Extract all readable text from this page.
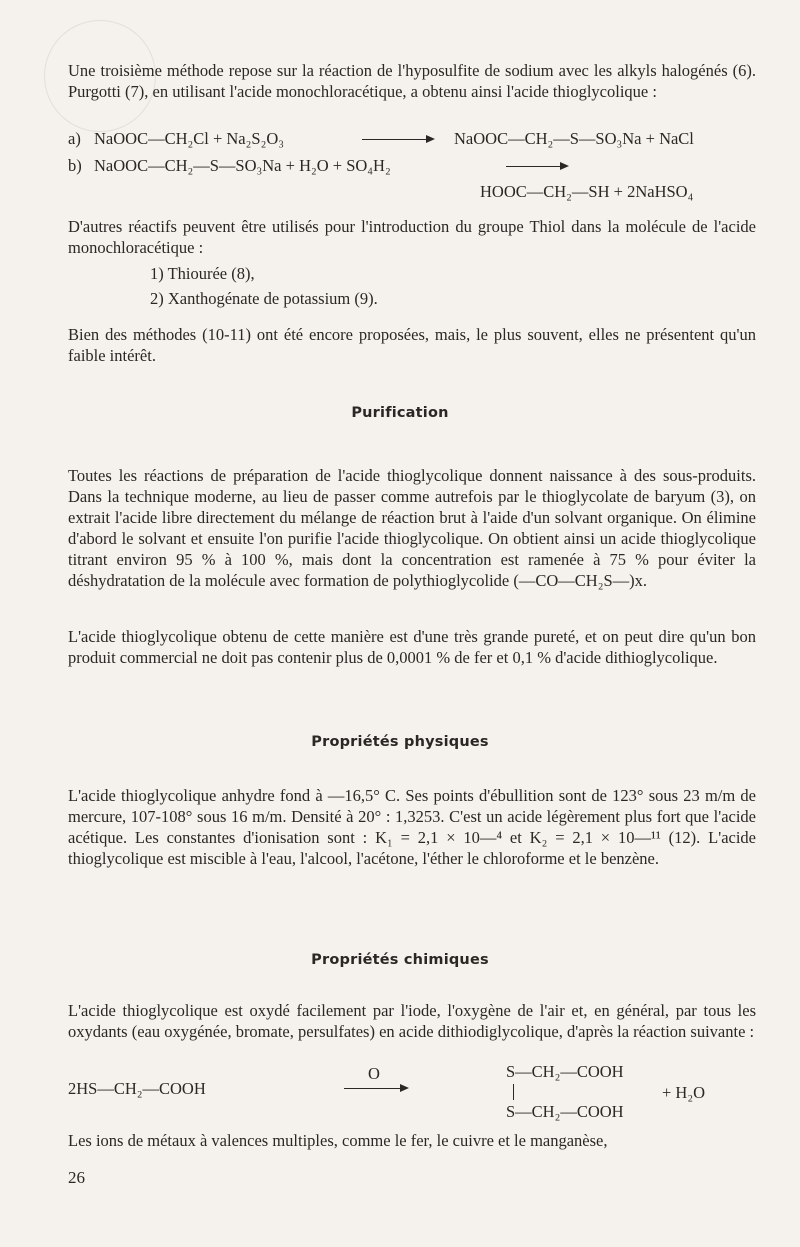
Une troisième méthode repose sur la réaction de l'hyposulfite de sodium avec les alkyls halogénés (6). Purgotti (7), en utilisant l'acide monochloracétique, a obtenu ainsi l'acide thioglycolique :

a) NaOOC—CH₂Cl + Na₂S₂O₃	NaOOC—CH₂—S—SO₃Na + NaCl
b) NaOOC—CH₂—S—SO₃Na + H₂O + SO₄H₂
HOOC—CH₂—SH + 2NaHSO₄

D'autres réactifs peuvent être utilisés pour l'introduction du groupe Thiol dans la molécule de l'acide monochloracétique :

1) Thiourée (8),
2) Xanthogénate de potassium (9).

Bien des méthodes (10-11) ont été encore proposées, mais, le plus souvent, elles ne présentent qu'un faible intérêt.

Purification

Toutes les réactions de préparation de l'acide thioglycolique donnent naissance à des sous-produits. Dans la technique moderne, au lieu de passer comme autrefois par le thioglycolate de baryum (3), on extrait l'acide libre directement du mélange de réaction brut à l'aide d'un solvant organique. On élimine d'abord le solvant et ensuite l'on purifie l'acide thioglycolique. On obtient ainsi un acide thioglycolique titrant environ 95 % à 100 %, mais dont la concentration est ramenée à 75 % pour éviter la déshydratation de la molécule avec formation de polythioglycolide (—CO—CH₂S—)x.

L'acide thioglycolique obtenu de cette manière est d'une très grande pureté, et on peut dire qu'un bon produit commercial ne doit pas contenir plus de 0,0001 % de fer et 0,1 % d'acide dithioglycolique.

Propriétés physiques

L'acide thioglycolique anhydre fond à —16,5° C. Ses points d'ébullition sont de 123° sous 23 m/m de mercure, 107-108° sous 16 m/m. Densité à 20° : 1,3253. C'est un acide légèrement plus fort que l'acide acétique. Les constantes d'ionisation sont : K₁ = 2,1 × 10—⁴ et K₂ = 2,1 × 10—¹¹ (12). L'acide thioglycolique est miscible à l'eau, l'alcool, l'acétone, l'éther le chloroforme et le benzène.

Propriétés chimiques

L'acide thioglycolique est oxydé facilement par l'iode, l'oxygène de l'air et, en général, par tous les oxydants (eau oxygénée, bromate, persulfates) en acide dithiodiglycolique, d'après la réaction suivante :

2HS—CH₂—COOH
O	S—CH₂—COOH
S—CH₂—COOH
+ H₂O

Les ions de métaux à valences multiples, comme le fer, le cuivre et le manganèse,

26
